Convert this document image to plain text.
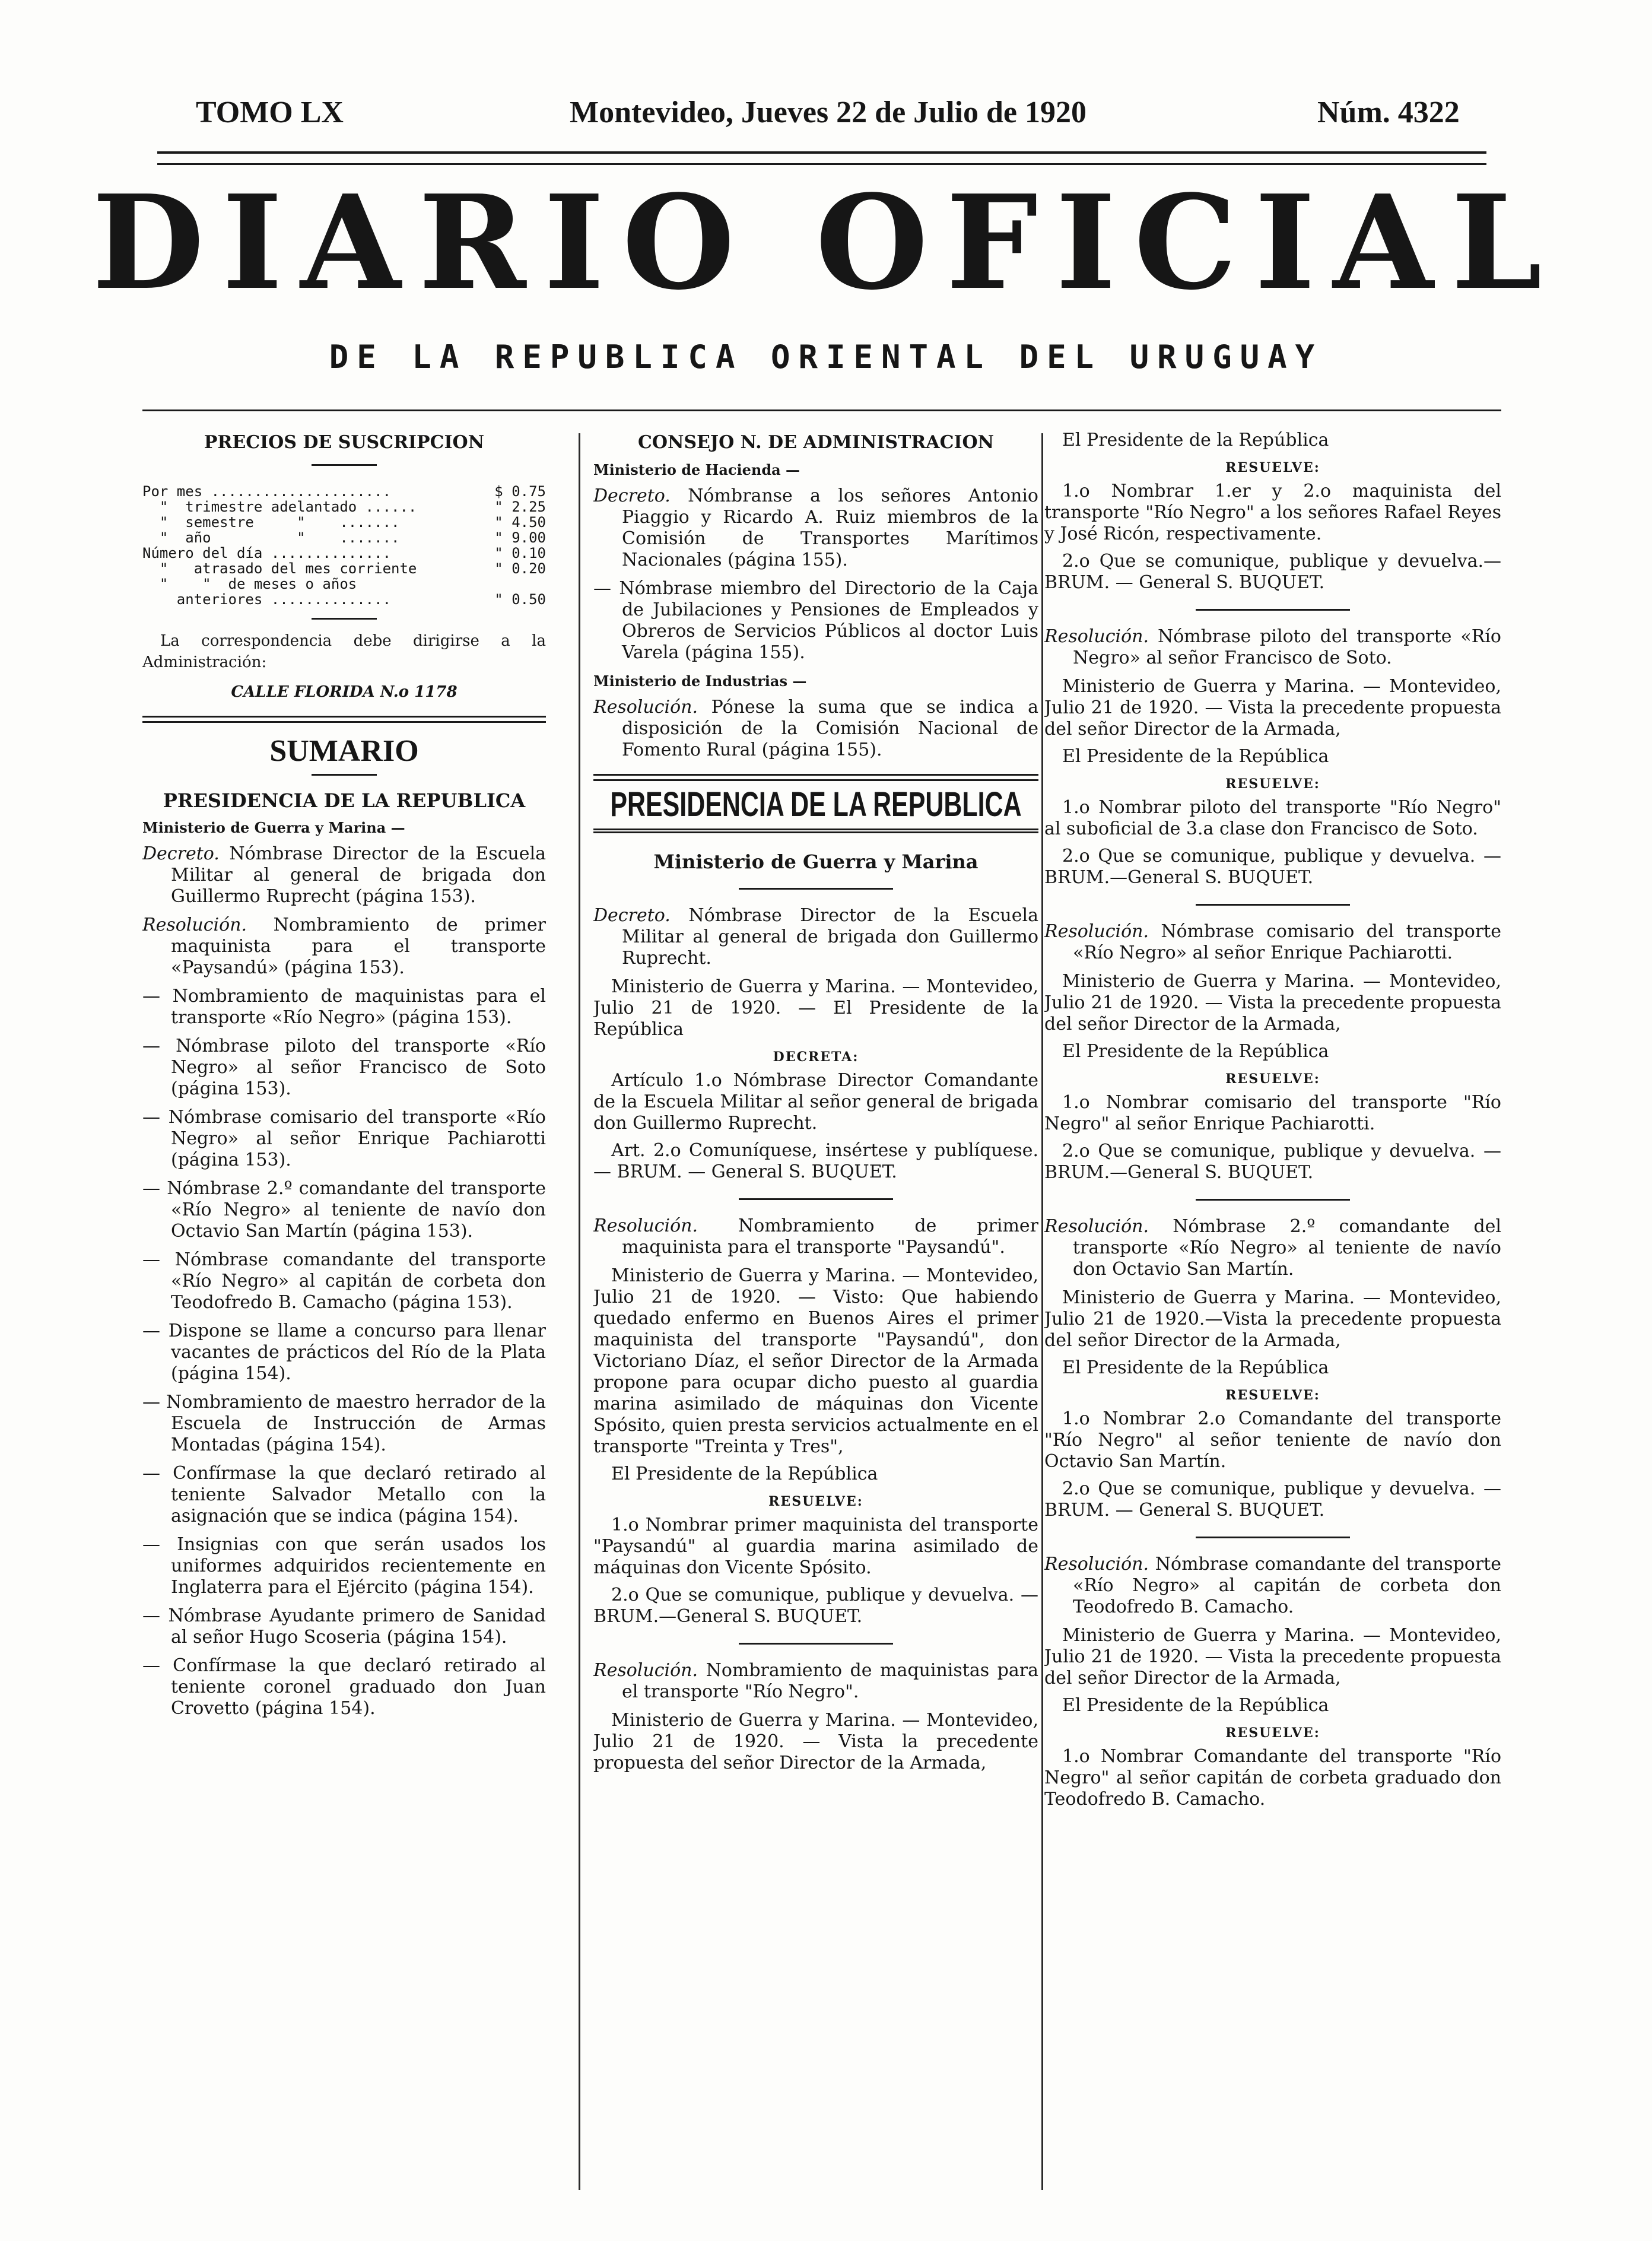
TOMO LX	Montevideo, Jueves 22 de Julio de 1920	Núm. 4322
DIARIO OFICIAL
DE LA REPUBLICA ORIENTAL DEL URUGUAY
PRECIOS DE SUSCRIPCION
Por mes .....................	$ 0.75
"  trimestre adelantado ......	" 2.25
"  semestre     "    .......	" 4.50
"  año          "    .......	" 9.00
Número del día ..............	" 0.10
"   atrasado del mes corriente	" 0.20
"    "  de meses o años
anteriores ..............	" 0.50
La correspondencia debe dirigirse a la Administración:
CALLE FLORIDA N.o 1178
SUMARIO
PRESIDENCIA DE LA REPUBLICA
Ministerio de Guerra y Marina —
Decreto. Nómbrase Director de la Escuela Militar al general de brigada don Guillermo Ruprecht (página 153).
Resolución. Nombramiento de primer maquinista para el transporte «Paysandú» (página 153).
— Nombramiento de maquinistas para el transporte «Río Negro» (página 153).
— Nómbrase piloto del transporte «Río Negro» al señor Francisco de Soto (página 153).
— Nómbrase comisario del transporte «Río Negro» al señor Enrique Pachiarotti (página 153).
— Nómbrase 2.º comandante del transporte «Río Negro» al teniente de navío don Octavio San Martín (página 153).
— Nómbrase comandante del transporte «Río Negro» al capitán de corbeta don Teodofredo B. Camacho (página 153).
— Dispone se llame a concurso para llenar vacantes de prácticos del Río de la Plata (página 154).
— Nombramiento de maestro herrador de la Escuela de Instrucción de Armas Montadas (página 154).
— Confírmase la que declaró retirado al teniente Salvador Metallo con la asignación que se indica (página 154).
— Insignias con que serán usados los uniformes adquiridos recientemente en Inglaterra para el Ejército (página 154).
— Nómbrase Ayudante primero de Sanidad al señor Hugo Scoseria (página 154).
— Confírmase la que declaró retirado al teniente coronel graduado don Juan Crovetto (página 154).
CONSEJO N. DE ADMINISTRACION
Ministerio de Hacienda —
Decreto. Nómbranse a los señores Antonio Piaggio y Ricardo A. Ruiz miembros de la Comisión de Transportes Marítimos Nacionales (página 155).
— Nómbrase miembro del Directorio de la Caja de Jubilaciones y Pensiones de Empleados y Obreros de Servicios Públicos al doctor Luis Varela (página 155).
Ministerio de Industrias —
Resolución. Pónese la suma que se indica a disposición de la Comisión Nacional de Fomento Rural (página 155).
PRESIDENCIA DE LA REPUBLICA
Ministerio de Guerra y Marina
Decreto. Nómbrase Director de la Escuela Militar al general de brigada don Guillermo Ruprecht.
Ministerio de Guerra y Marina. — Montevideo, Julio 21 de 1920. — El Presidente de la República
DECRETA:
Artículo 1.o Nómbrase Director Comandante de la Escuela Militar al señor general de brigada don Guillermo Ruprecht.
Art. 2.o Comuníquese, insértese y publíquese. — BRUM. — General S. BUQUET.
Resolución. Nombramiento de primer maquinista para el transporte "Paysandú".
Ministerio de Guerra y Marina. — Montevideo, Julio 21 de 1920. — Visto: Que habiendo quedado enfermo en Buenos Aires el primer maquinista del transporte "Paysandú", don Victoriano Díaz, el señor Director de la Armada propone para ocupar dicho puesto al guardia marina asimilado de máquinas don Vicente Spósito, quien presta servicios actualmente en el transporte "Treinta y Tres",
El Presidente de la República
RESUELVE:
1.o Nombrar primer maquinista del transporte "Paysandú" al guardia marina asimilado de máquinas don Vicente Spósito.
2.o Que se comunique, publique y devuelva. — BRUM.—General S. BUQUET.
Resolución. Nombramiento de maquinistas para el transporte "Río Negro".
Ministerio de Guerra y Marina. — Montevideo, Julio 21 de 1920. — Vista la precedente propuesta del señor Director de la Armada,
El Presidente de la República
RESUELVE:
1.o Nombrar 1.er y 2.o maquinista del transporte "Río Negro" a los señores Rafael Reyes y José Ricón, respectivamente.
2.o Que se comunique, publique y devuelva.—BRUM. — General S. BUQUET.
Resolución. Nómbrase piloto del transporte «Río Negro» al señor Francisco de Soto.
Ministerio de Guerra y Marina. — Montevideo, Julio 21 de 1920. — Vista la precedente propuesta del señor Director de la Armada,
El Presidente de la República
RESUELVE:
1.o Nombrar piloto del transporte "Río Negro" al suboficial de 3.a clase don Francisco de Soto.
2.o Que se comunique, publique y devuelva. — BRUM.—General S. BUQUET.
Resolución. Nómbrase comisario del transporte «Río Negro» al señor Enrique Pachiarotti.
Ministerio de Guerra y Marina. — Montevideo, Julio 21 de 1920. — Vista la precedente propuesta del señor Director de la Armada,
El Presidente de la República
RESUELVE:
1.o Nombrar comisario del transporte "Río Negro" al señor Enrique Pachiarotti.
2.o Que se comunique, publique y devuelva. — BRUM.—General S. BUQUET.
Resolución. Nómbrase 2.º comandante del transporte «Río Negro» al teniente de navío don Octavio San Martín.
Ministerio de Guerra y Marina. — Montevideo, Julio 21 de 1920.—Vista la precedente propuesta del señor Director de la Armada,
El Presidente de la República
RESUELVE:
1.o Nombrar 2.o Comandante del transporte "Río Negro" al señor teniente de navío don Octavio San Martín.
2.o Que se comunique, publique y devuelva. — BRUM. — General S. BUQUET.
Resolución. Nómbrase comandante del transporte «Río Negro» al capitán de corbeta don Teodofredo B. Camacho.
Ministerio de Guerra y Marina. — Montevideo, Julio 21 de 1920. — Vista la precedente propuesta del señor Director de la Armada,
El Presidente de la República
RESUELVE:
1.o Nombrar Comandante del transporte "Río Negro" al señor capitán de corbeta graduado don Teodofredo B. Camacho.
